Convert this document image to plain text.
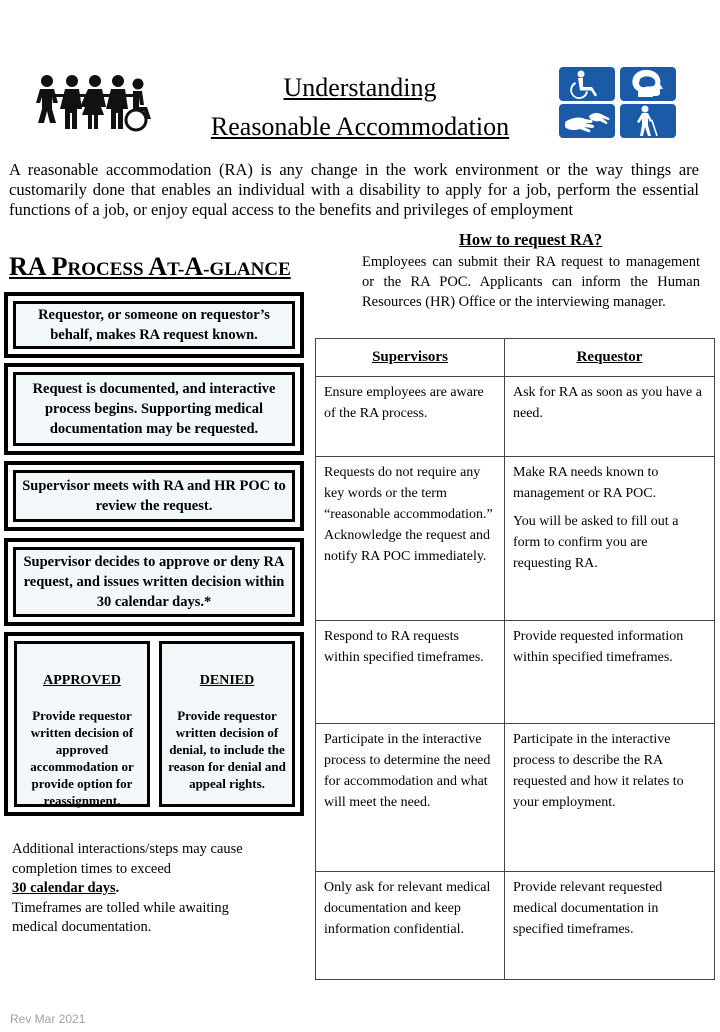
Understanding
Reasonable Accommodation
A reasonable accommodation (RA) is any change in the work environment or the way things are customarily done that enables an individual with a disability to apply for a job, perform the essential functions of a job, or enjoy equal access to the benefits and privileges of employment
RA PROCESS AT-A-GLANCE
Requestor, or someone on requestor’s behalf, makes RA request known.
Request is documented, and interactive process begins. Supporting medical documentation may be requested.
Supervisor meets with RA and HR POC to review the request.
Supervisor decides to approve or deny RA request, and issues written decision within 30 calendar days.*
APPROVED
Provide requestor written decision of approved accommodation or provide option for reassignment.
DENIED
Provide requestor written decision of denial, to include the reason for denial and appeal rights.
Additional interactions/steps may cause completion times to exceed
30 calendar days.
Timeframes are tolled while awaiting medical documentation.
How to request RA?
Employees can submit their RA request to management or the RA POC. Applicants can inform the Human Resources (HR) Office or the interviewing manager.
Supervisors	Requestor

Ensure employees are aware of the RA process.	Ask for RA as soon as you have a need.

Requests do not require any key words or the term “reasonable accommodation.” Acknowledge the request and notify RA POC immediately.	Make RA needs known to management or RA POC.
You will be asked to fill out a form to confirm you are requesting RA.

Respond to RA requests within specified timeframes.	Provide requested information within specified timeframes.

Participate in the interactive process to determine the need for accommodation and what will meet the need.	Participate in the interactive process to describe the RA requested and how it relates to your employment.

Only ask for relevant medical documentation and keep information confidential.	Provide relevant requested medical documentation in specified timeframes.
Rev Mar 2021
